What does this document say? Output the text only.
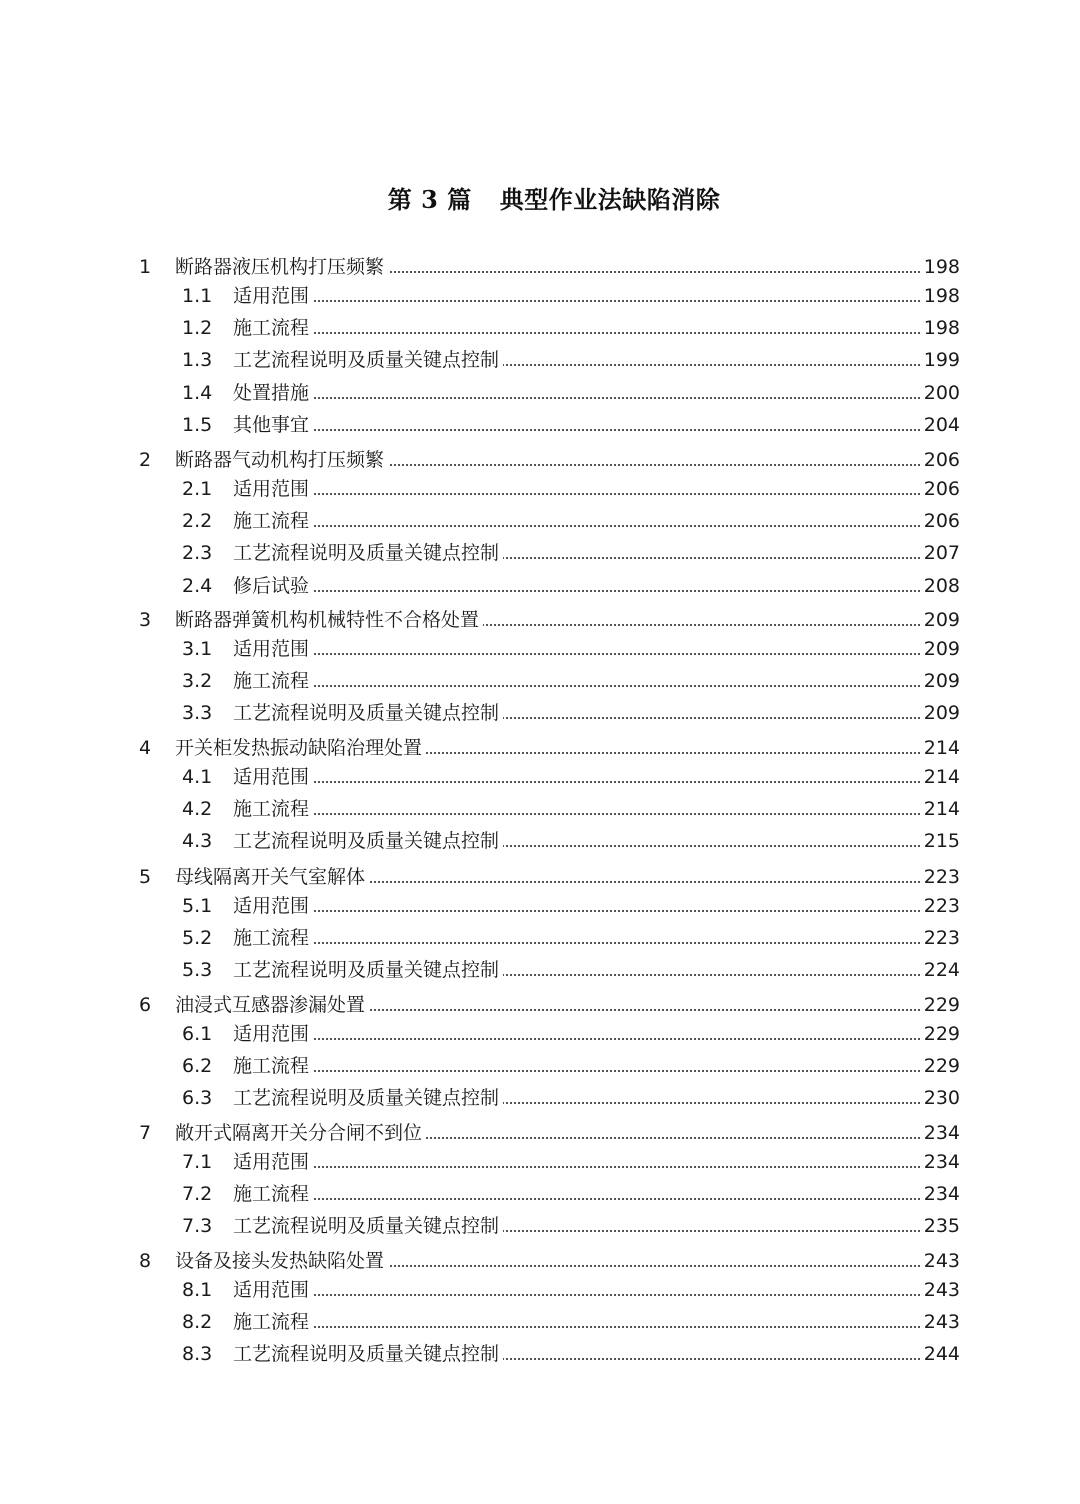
第 3 篇 典型作业法缺陷消除
1 断路器液压机构打压频繁	198
1.1 适用范围	198
1.2 施工流程	198
1.3 工艺流程说明及质量关键点控制	199
1.4 处置措施	200
1.5 其他事宜	204
2 断路器气动机构打压频繁	206
2.1 适用范围	206
2.2 施工流程	206
2.3 工艺流程说明及质量关键点控制	207
2.4 修后试验	208
3 断路器弹簧机构机械特性不合格处置	209
3.1 适用范围	209
3.2 施工流程	209
3.3 工艺流程说明及质量关键点控制	209
4 开关柜发热振动缺陷治理处置	214
4.1 适用范围	214
4.2 施工流程	214
4.3 工艺流程说明及质量关键点控制	215
5 母线隔离开关气室解体	223
5.1 适用范围	223
5.2 施工流程	223
5.3 工艺流程说明及质量关键点控制	224
6 油浸式互感器渗漏处置	229
6.1 适用范围	229
6.2 施工流程	229
6.3 工艺流程说明及质量关键点控制	230
7 敞开式隔离开关分合闸不到位	234
7.1 适用范围	234
7.2 施工流程	234
7.3 工艺流程说明及质量关键点控制	235
8 设备及接头发热缺陷处置	243
8.1 适用范围	243
8.2 施工流程	243
8.3 工艺流程说明及质量关键点控制	244
